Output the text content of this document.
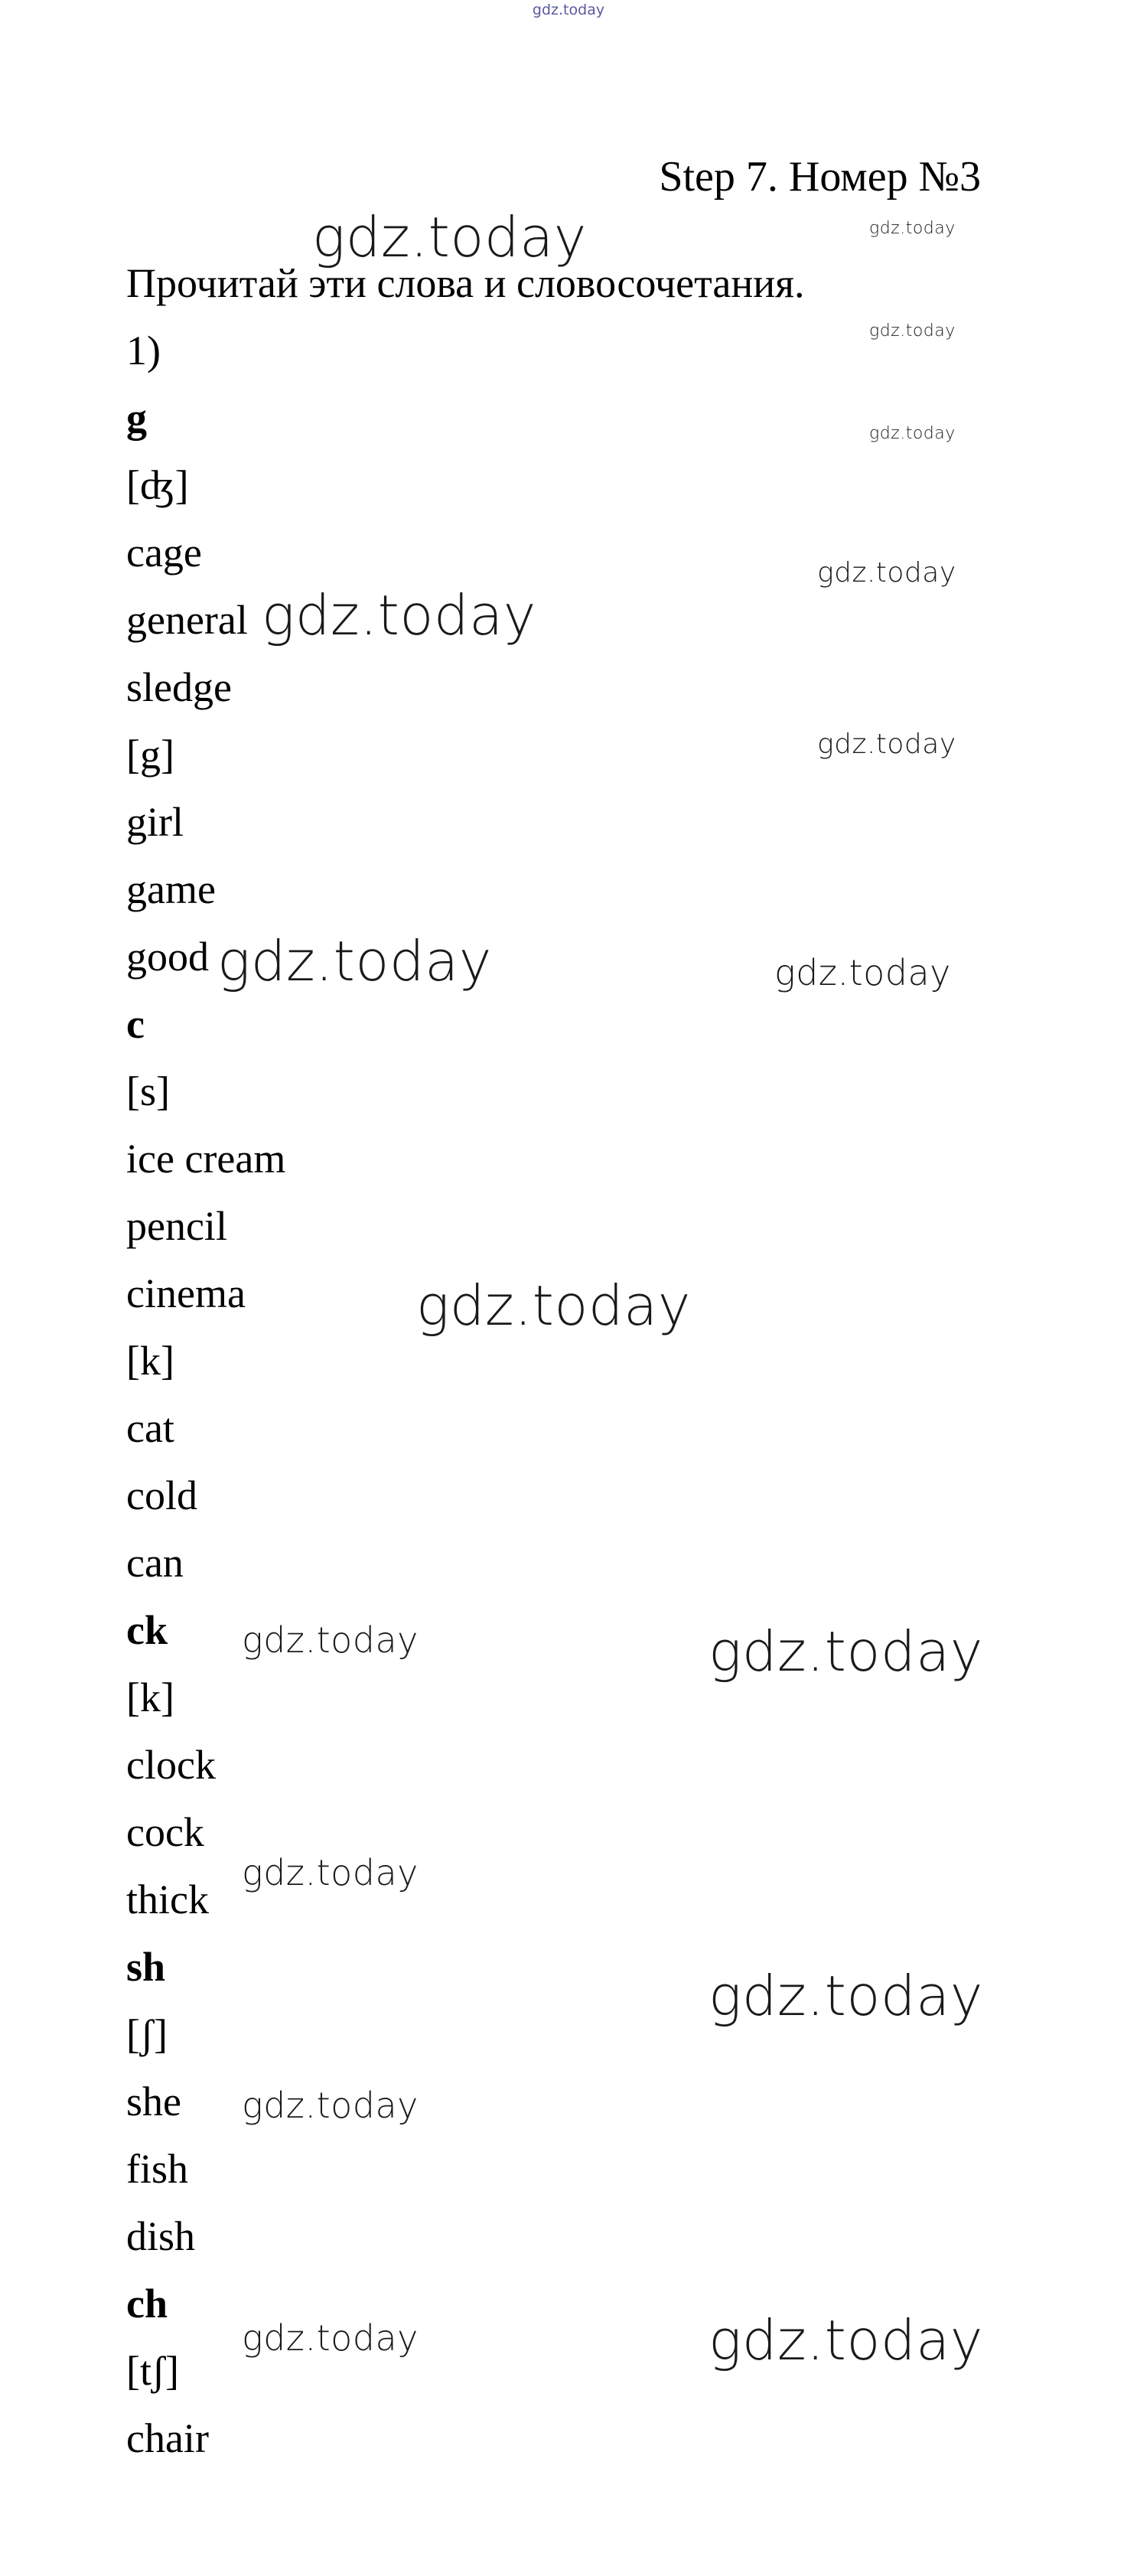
gdz.today
Step 7. Номер №3
Прочитай эти слова и словосочетания.
1)
g
[ʤ]
cage
general
sledge
[g]
girl
game
good
c
[s]
ice cream
pencil
cinema
[k]
cat
cold
can
ck
[k]
clock
cock
thick
sh
[ʃ]
she
fish
dish
ch
[tʃ]
chair
gdz.today	gdz.today
gdz.today
gdz.today
gdz.today
gdz.today
gdz.today
gdz.today	gdz.today
gdz.today
gdz.today	gdz.today
gdz.today
gdz.today
gdz.today
gdz.today	gdz.today
